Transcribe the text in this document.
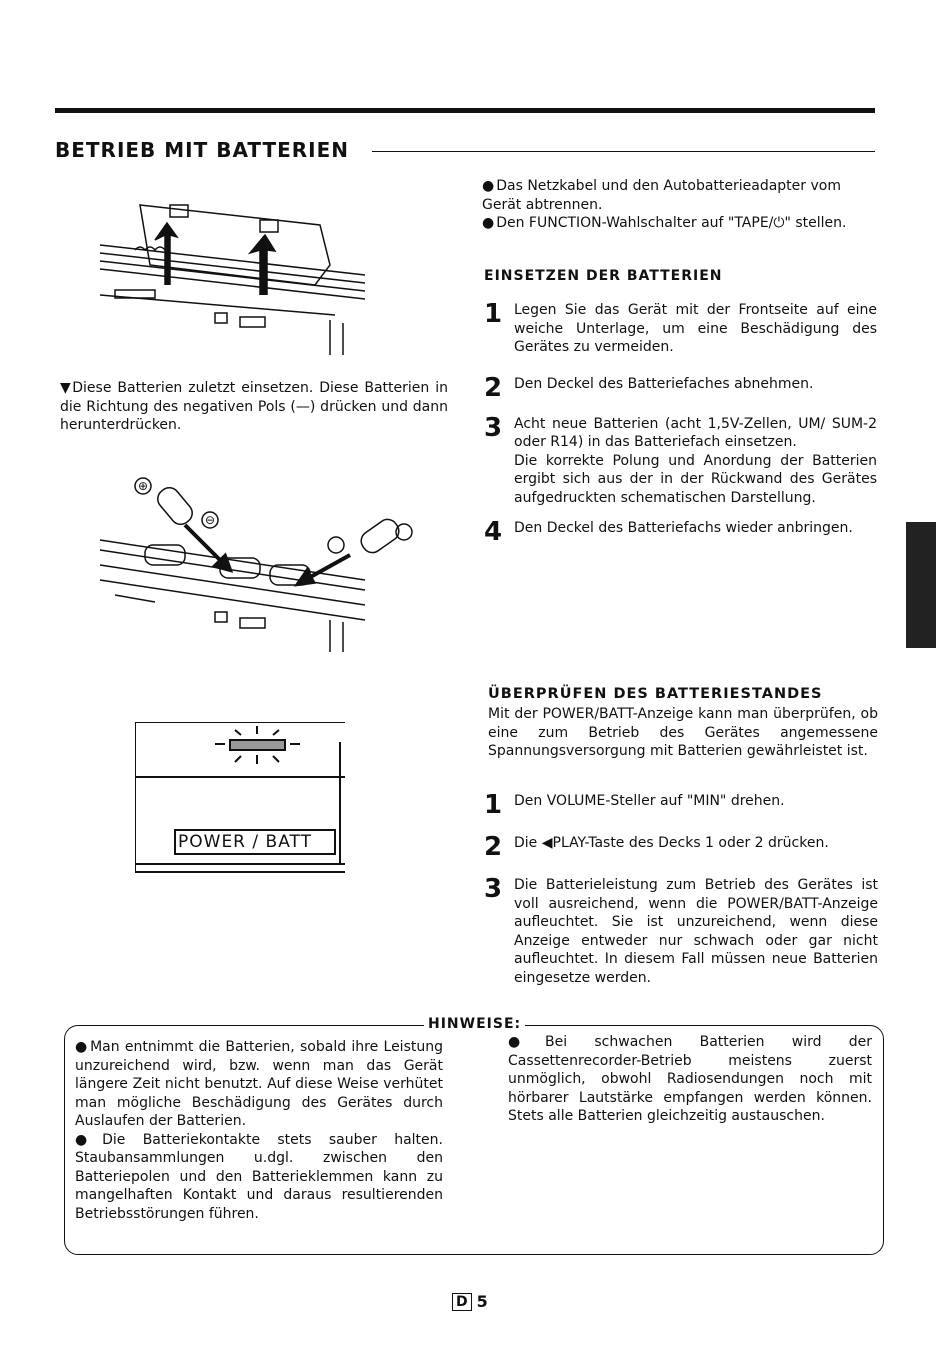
BETRIEB MIT BATTERIEN
▼Diese Batterien zuletzt einsetzen. Diese Batterien in die Richtung des negativen Pols (—) drücken und dann herunterdrücken.
⊕
⊖
POWER / BATT
● Das Netzkabel und den Autobatterieadapter vom Gerät abtrennen.
● Den FUNCTION-Wahlschalter auf "TAPE/⏻" stellen.
EINSETZEN DER BATTERIEN
1 Legen Sie das Gerät mit der Frontseite auf eine weiche Unterlage, um eine Beschädigung des Gerätes zu vermeiden.
2 Den Deckel des Batteriefaches abnehmen.
3 Acht neue Batterien (acht 1,5V-Zellen, UM/ SUM-2 oder R14) in das Batteriefach einsetzen.
Die korrekte Polung und Anordung der Batterien ergibt sich aus der in der Rückwand des Gerätes aufgedruckten schematischen Darstellung.
4 Den Deckel des Batteriefachs wieder anbringen.
ÜBERPRÜFEN DES BATTERIESTANDES
Mit der POWER/BATT-Anzeige kann man überprüfen, ob eine zum Betrieb des Gerätes angemessene Spannungsversorgung mit Batterien gewährleistet ist.
1 Den VOLUME-Steller auf "MIN" drehen.
2 Die ◀PLAY-Taste des Decks 1 oder 2 drücken.
3 Die Batterieleistung zum Betrieb des Gerätes ist voll ausreichend, wenn die POWER/BATT-Anzeige aufleuchtet. Sie ist unzureichend, wenn diese Anzeige entweder nur schwach oder gar nicht aufleuchtet. In diesem Fall müssen neue Batterien eingesetze werden.
HINWEISE:
● Man entnimmt die Batterien, sobald ihre Leistung unzureichend wird, bzw. wenn man das Gerät längere Zeit nicht benutzt. Auf diese Weise verhütet man mögliche Beschädigung des Gerätes durch Auslaufen der Batterien.
● Die Batteriekontakte stets sauber halten. Staubansammlungen u.dgl. zwischen den Batteriepolen und den Batterieklemmen kann zu mangelhaften Kontakt und daraus resultierenden Betriebsstörungen führen.
● Bei schwachen Batterien wird der Cassettenrecorder-Betrieb meistens zuerst unmöglich, obwohl Radiosendungen noch mit hörbarer Lautstärke empfangen werden können. Stets alle Batterien gleichzeitig austauschen.
D 5
